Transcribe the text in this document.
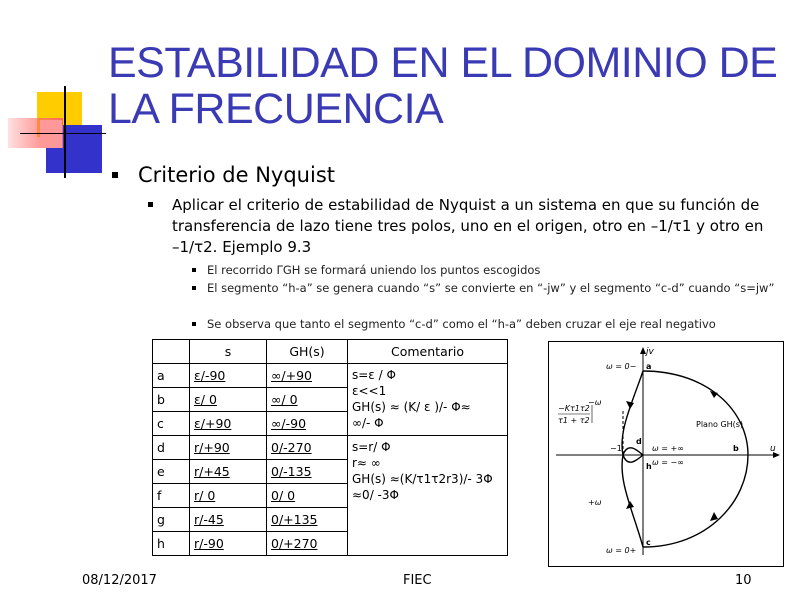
ESTABILIDAD EN EL DOMINIO DE LA FRECUENCIA
Criterio de Nyquist
Aplicar el criterio de estabilidad de Nyquist a un sistema en que su función de transferencia de lazo tiene tres polos, uno en el origen, otro en –1/τ1 y otro en –1/τ2. Ejemplo 9.3
El recorrido ΓGH se formará uniendo los puntos escogidos
El segmento “h-a” se genera cuando “s” se convierte en “-jw” y el segmento “c-d” cuando “s=jw”
Se observa que tanto el segmento “c-d” como el “h-a” deben cruzar el eje real negativo
	s	GH(s)	Comentario
a	ε/-90	∞/+90	s=ε / Φ
ε<<1
GH(s) ≈ (K/ ε )/- Φ≈
∞/- Φ

b	ε/ 0	∞/ 0	
c	ε/+90	∞/-90	
d	r/+90	0/-270	s=r/ Φ
r≈ ∞
GH(s) ≈(K/τ1τ2r3)/- 3Φ
≈0/ -3Φ

e	r/+45	0/-135	
f	r/ 0	0/ 0	
g	r/-45	0/+135	
h	r/-90	0/+270	
jv
u
−Kτ1τ2
τ1 + τ2	Plano GH(s)
−1	ω = +∞
ω = −∞
+ω
−ω
ω = 0+
ω = 0− a
b
c
d
h
08/12/2017	FIEC	10
